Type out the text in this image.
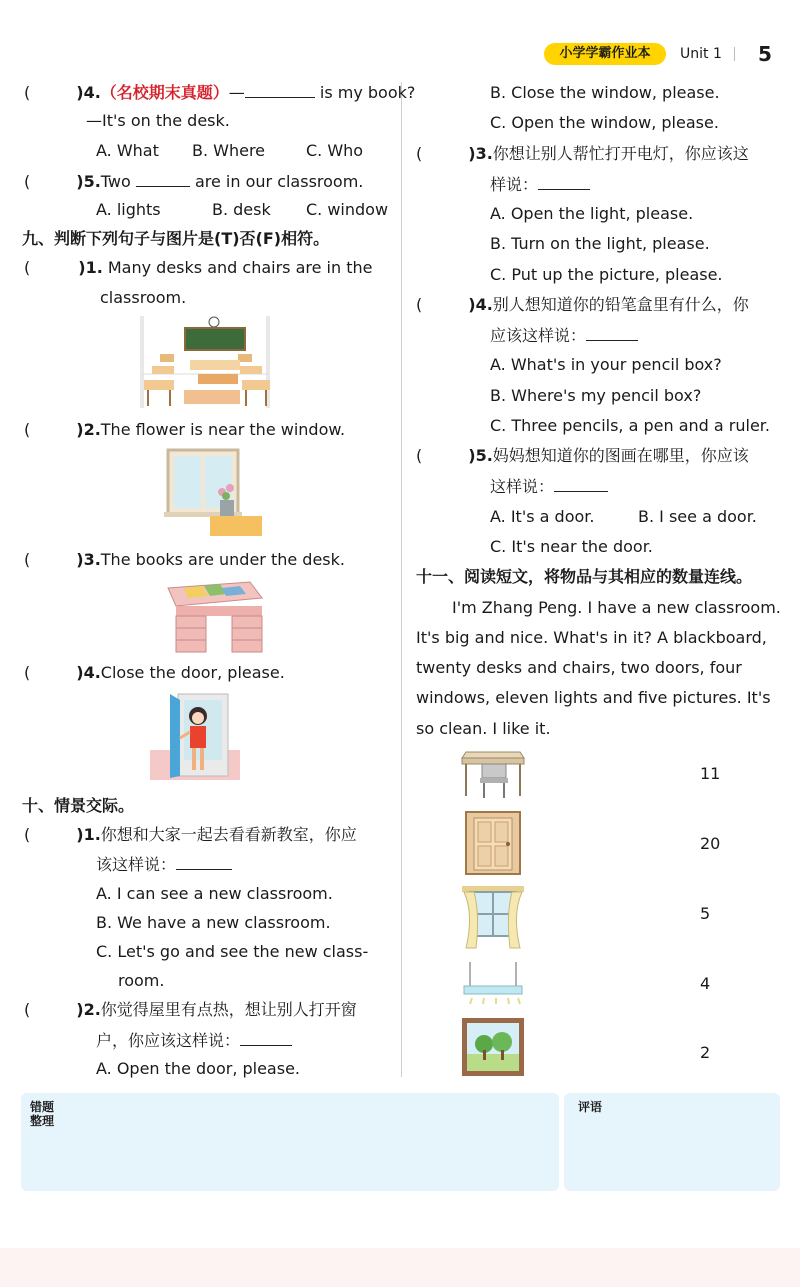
小学学霸作业本	Unit 1 5
(	)4.（名校期末真题）—	is my book?
—It's on the desk.
A. What B. Where	C. Who
(	)5.Two	are in our classroom.
A. lights	B. desk C. window
九、判断下列句子与图片是(T)否(F)相符。
(	)1. Many desks and chairs are in the
classroom.
(	)2.The flower is near the window.
(	)3.The books are under the desk.
(	)4.Close the door, please.
十、情景交际。
(	)1.你想和大家一起去看看新教室，你应
该这样说：
A. I can see a new classroom.
B. We have a new classroom.
C. Let's go and see the new class-
room.
(	)2.你觉得屋里有点热，想让别人打开窗
户，你应该这样说：
A. Open the door, please.
B. Close the window, please.
C. Open the window, please.
(	)3.你想让别人帮忙打开电灯，你应该这
样说：
A. Open the light, please.
B. Turn on the light, please.
C. Put up the picture, please.
(	)4.别人想知道你的铅笔盒里有什么，你
应该这样说：
A. What's in your pencil box?
B. Where's my pencil box?
C. Three pencils, a pen and a ruler.
(	)5.妈妈想知道你的图画在哪里，你应该
这样说：
A. It's a door.	B. I see a door.
C. It's near the door.
十一、阅读短文，将物品与其相应的数量连线。
I'm Zhang Peng. I have a new classroom.
It's big and nice. What's in it? A blackboard,
twenty desks and chairs, two doors, four
windows, eleven lights and five pictures. It's
so clean. I like it.
11
20
5
4
2
错题整理
评语
